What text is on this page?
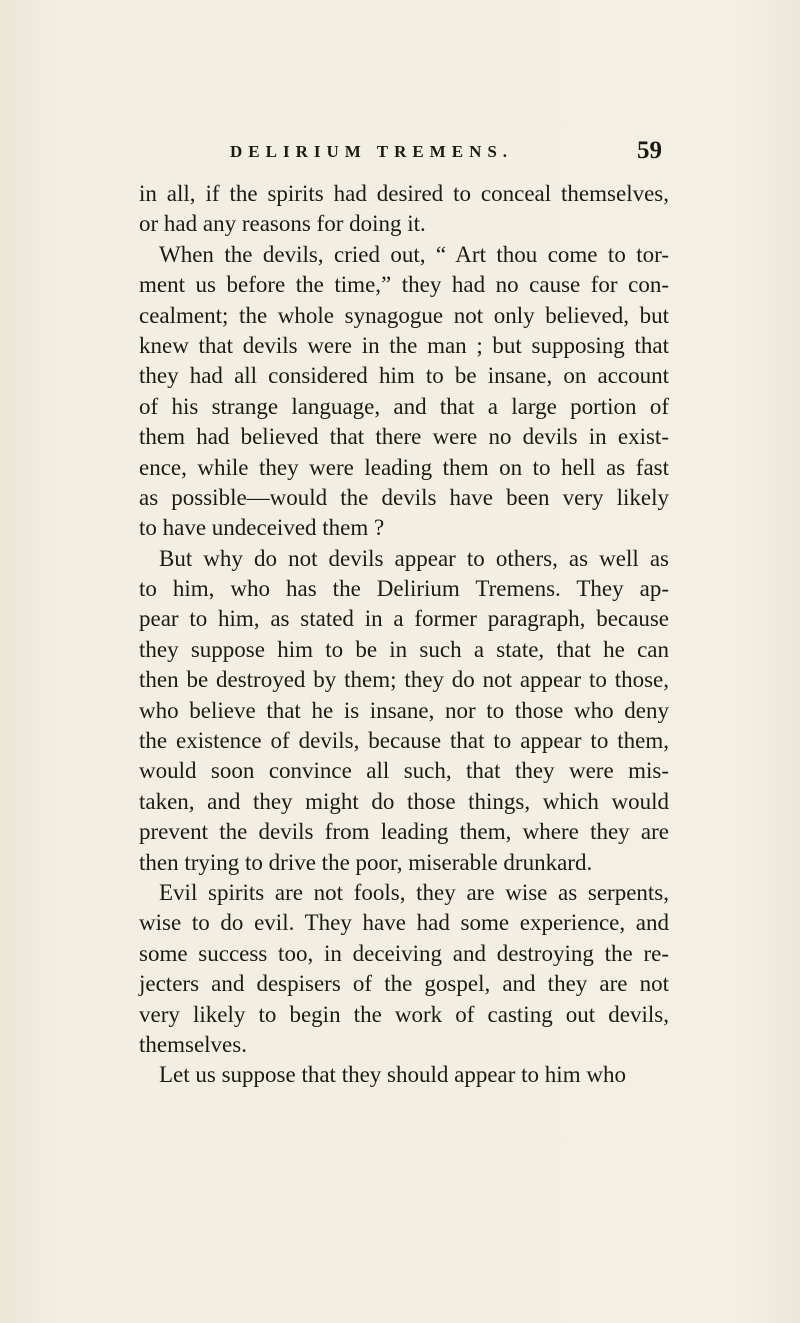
DELIRIUM TREMENS.	59
in all, if the spirits had desired to conceal themselves,
or had any reasons for doing it.
When the devils, cried out, “ Art thou come to tor-
ment us before the time,” they had no cause for con-
cealment; the whole synagogue not only believed, but
knew that devils were in the man ; but supposing that
they had all considered him to be insane, on account
of his strange language, and that a large portion of
them had believed that there were no devils in exist-
ence, while they were leading them on to hell as fast
as possible—would the devils have been very likely
to have undeceived them ?
But why do not devils appear to others, as well as
to him, who has the Delirium Tremens. They ap-
pear to him, as stated in a former paragraph, because
they suppose him to be in such a state, that he can
then be destroyed by them; they do not appear to those,
who believe that he is insane, nor to those who deny
the existence of devils, because that to appear to them,
would soon convince all such, that they were mis-
taken, and they might do those things, which would
prevent the devils from leading them, where they are
then trying to drive the poor, miserable drunkard.
Evil spirits are not fools, they are wise as serpents,
wise to do evil. They have had some experience, and
some success too, in deceiving and destroying the re-
jecters and despisers of the gospel, and they are not
very likely to begin the work of casting out devils,
themselves.
Let us suppose that they should appear to him who
